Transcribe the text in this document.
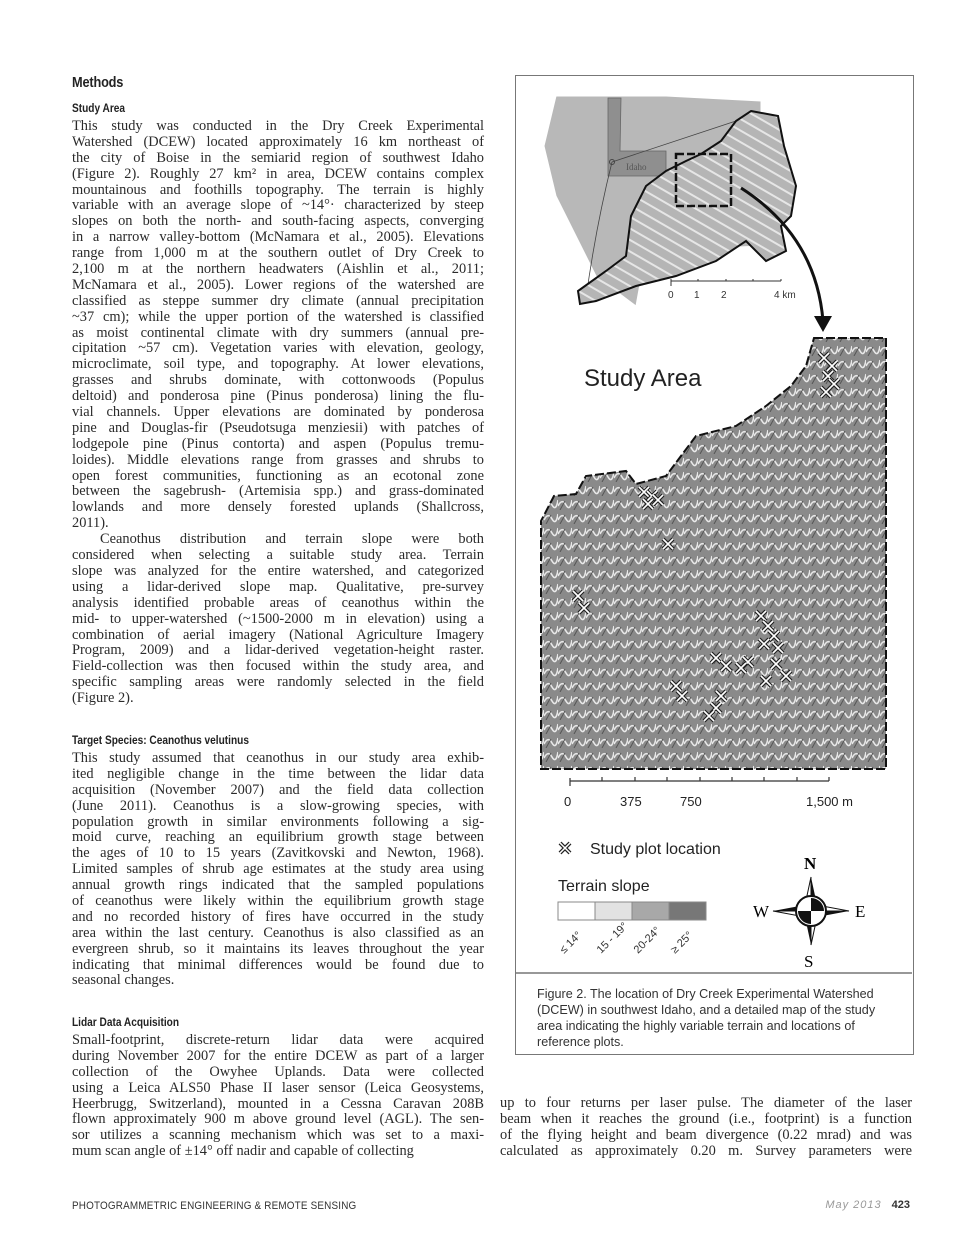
Methods
Study Area
This study was conducted in the Dry Creek Experimental
Watershed (DCEW) located approximately 16 km northeast of
the city of Boise in the semiarid region of southwest Idaho
(Figure 2). Roughly 27 km² in area, DCEW contains complex
mountainous and foothills topography. The terrain is highly
variable with an average slope of ~14°· characterized by steep
slopes on both the north- and south-facing aspects, converging
in a narrow valley-bottom (McNamara et al., 2005). Elevations
range from 1,000 m at the southern outlet of Dry Creek to
2,100 m at the northern headwaters (Aishlin et al., 2011;
McNamara et al., 2005). Lower regions of the watershed are
classified as steppe summer dry climate (annual precipitation
~37 cm); while the upper portion of the watershed is classified
as moist continental climate with dry summers (annual pre-
cipitation ~57 cm). Vegetation varies with elevation, geology,
microclimate, soil type, and topography. At lower elevations,
grasses and shrubs dominate, with cottonwoods (Populus
deltoid) and ponderosa pine (Pinus ponderosa) lining the flu-
vial channels. Upper elevations are dominated by ponderosa
pine and Douglas-fir (Pseudotsuga menziesii) with patches of
lodgepole pine (Pinus contorta) and aspen (Populus tremu-
loides). Middle elevations range from grasses and shrubs to
open forest communities, functioning as an ecotonal zone
between the sagebrush- (Artemisia spp.) and grass-dominated
lowlands and more densely forested uplands (Shallcross,
2011).
Ceanothus distribution and terrain slope were both
considered when selecting a suitable study area. Terrain
slope was analyzed for the entire watershed, and categorized
using a lidar-derived slope map. Qualitative, pre-survey
analysis identified probable areas of ceanothus within the
mid- to upper-watershed (~1500-2000 m in elevation) using a
combination of aerial imagery (National Agriculture Imagery
Program, 2009) and a lidar-derived vegetation-height raster.
Field-collection was then focused within the study area, and
specific sampling areas were randomly selected in the field
(Figure 2).
Target Species: Ceanothus velutinus
This study assumed that ceanothus in our study area exhib-
ited negligible change in the time between the lidar data
acquisition (November 2007) and the field data collection
(June 2011). Ceanothus is a slow-growing species, with
population growth in similar environments following a sig-
moid curve, reaching an equilibrium growth stage between
the ages of 10 to 15 years (Zavitkovski and Newton, 1968).
Limited samples of shrub age estimates at the study area using
annual growth rings indicated that the sampled populations
of ceanothus were likely within the equilibrium growth stage
and no recorded history of fires have occurred in the study
area within the last century. Ceanothus is also classified as an
evergreen shrub, so it maintains its leaves throughout the year
indicating that minimal differences would be found due to
seasonal changes.
Lidar Data Acquisition
Small-footprint, discrete-return lidar data were acquired
during November 2007 for the entire DCEW as part of a larger
collection of the Owyhee Uplands. Data were collected
using a Leica ALS50 Phase II laser sensor (Leica Geosystems,
Heerbrugg, Switzerland), mounted in a Cessna Caravan 208B
flown approximately 900 m above ground level (AGL). The sen-
sor utilizes a scanning mechanism which was set to a maxi-
mum scan angle of ±14° off nadir and capable of collecting
up to four returns per laser pulse. The diameter of the laser
beam when it reaches the ground (i.e., footprint) is a function
of the flying height and beam divergence (0.22 mrad) and was
calculated as approximately 0.20 m. Survey parameters were
Idaho
0 1 2	4 km
Study Area
0	375	750	1,500 m
Study plot location
Terrain slope
≤ 14° 15 - 19° 20-24° ≥ 25°
N
S
E
W
Figure 2. The location of Dry Creek Experimental Watershed (DCEW) in southwest Idaho, and a detailed map of the study area indicating the highly variable terrain and locations of reference plots.
PHOTOGRAMMETRIC ENGINEERING & REMOTE SENSING	May 2013 423
